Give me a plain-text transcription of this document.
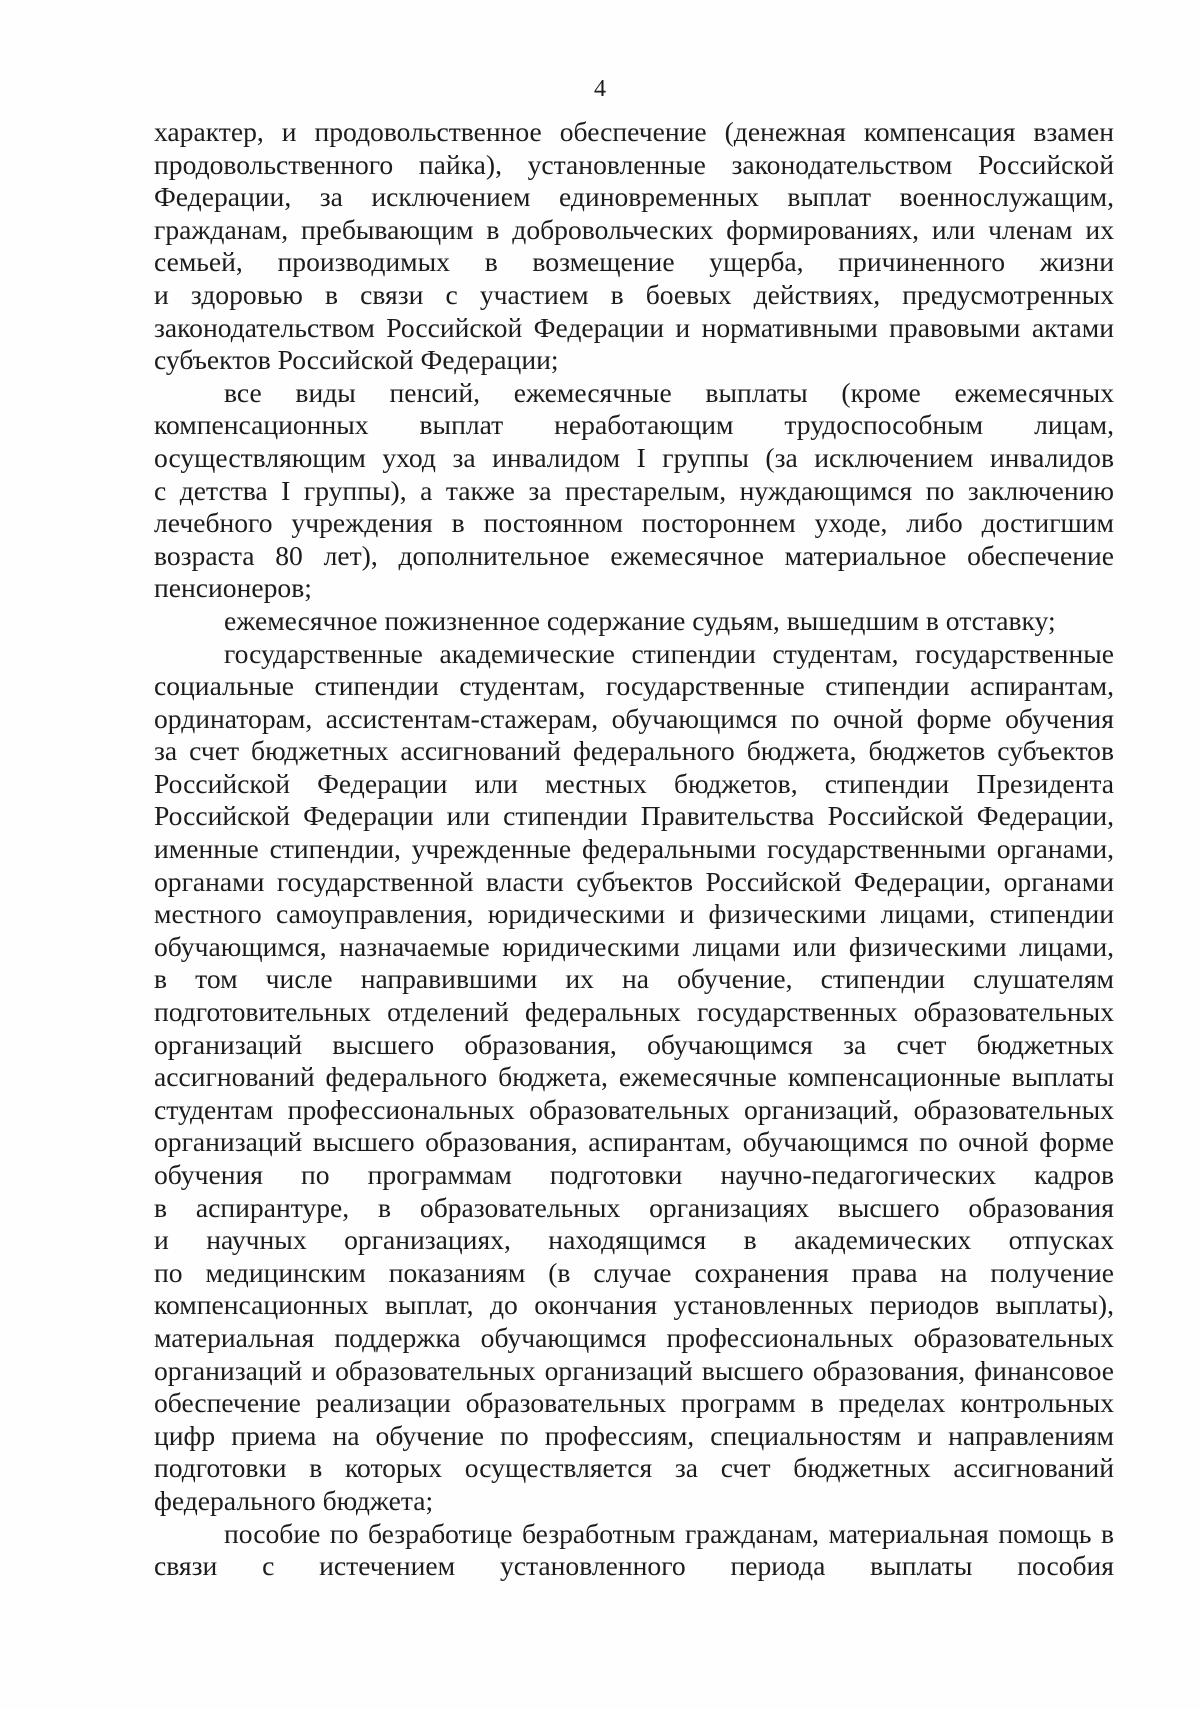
4
характер, и продовольственное обеспечение (денежная компенсация взамен
продовольственного пайка), установленные законодательством Российской
Федерации, за исключением единовременных выплат военнослужащим,
гражданам, пребывающим в добровольческих формированиях, или членам их
семьей, производимых в возмещение ущерба, причиненного жизни
и здоровью в связи с участием в боевых действиях, предусмотренных
законодательством Российской Федерации и нормативными правовыми актами
субъектов Российской Федерации;
все виды пенсий, ежемесячные выплаты (кроме ежемесячных
компенсационных выплат неработающим трудоспособным лицам,
осуществляющим уход за инвалидом I группы (за исключением инвалидов
с детства I группы), а также за престарелым, нуждающимся по заключению
лечебного учреждения в постоянном постороннем уходе, либо достигшим
возраста 80 лет), дополнительное ежемесячное материальное обеспечение
пенсионеров;
ежемесячное пожизненное содержание судьям, вышедшим в отставку;
государственные академические стипендии студентам, государственные
социальные стипендии студентам, государственные стипендии аспирантам,
ординаторам, ассистентам-стажерам, обучающимся по очной форме обучения
за счет бюджетных ассигнований федерального бюджета, бюджетов субъектов
Российской Федерации или местных бюджетов, стипендии Президента
Российской Федерации или стипендии Правительства Российской Федерации,
именные стипендии, учрежденные федеральными государственными органами,
органами государственной власти субъектов Российской Федерации, органами
местного самоуправления, юридическими и физическими лицами, стипендии
обучающимся, назначаемые юридическими лицами или физическими лицами,
в том числе направившими их на обучение, стипендии слушателям
подготовительных отделений федеральных государственных образовательных
организаций высшего образования, обучающимся за счет бюджетных
ассигнований федерального бюджета, ежемесячные компенсационные выплаты
студентам профессиональных образовательных организаций, образовательных
организаций высшего образования, аспирантам, обучающимся по очной форме
обучения по программам подготовки научно-педагогических кадров
в аспирантуре, в образовательных организациях высшего образования
и научных организациях, находящимся в академических отпусках
по медицинским показаниям (в случае сохранения права на получение
компенсационных выплат, до окончания установленных периодов выплаты),
материальная поддержка обучающимся профессиональных образовательных
организаций и образовательных организаций высшего образования, финансовое
обеспечение реализации образовательных программ в пределах контрольных
цифр приема на обучение по профессиям, специальностям и направлениям
подготовки в которых осуществляется за счет бюджетных ассигнований
федерального бюджета;
пособие по безработице безработным гражданам, материальная помощь в
связи с истечением установленного периода выплаты пособия
